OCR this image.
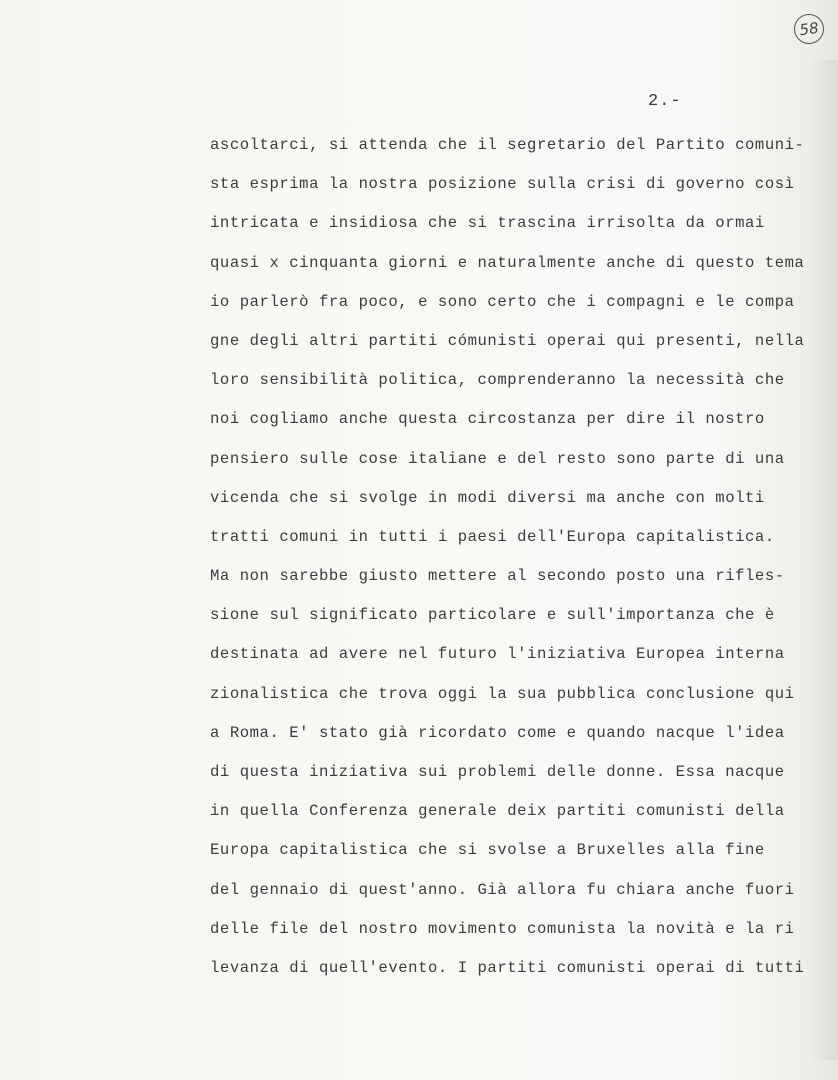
58
2.-
ascoltarci, si attenda che il segretario del Partito comuni-
sta esprima la nostra posizione sulla crisi di governo così
intricata e insidiosa che si trascina irrisolta da ormai
quasi x cinquanta giorni e naturalmente anche di questo tema
io parlerò fra poco, e sono certo che i compagni e le compa
gne degli altri partiti cómunisti operai qui presenti, nella
loro sensibilità politica, comprenderanno la necessità che
noi cogliamo anche questa circostanza per dire il nostro
pensiero sulle cose italiane e del resto sono parte di una
vicenda che si svolge in modi diversi ma anche con molti
tratti comuni in tutti i paesi dell'Europa capitalistica.
Ma non sarebbe giusto mettere al secondo posto una rifles-
sione sul significato particolare e sull'importanza che è
destinata ad avere nel futuro l'iniziativa Europea interna
zionalistica che trova oggi la sua pubblica conclusione qui
a Roma. E' stato già ricordato come e quando nacque l'idea
di questa iniziativa sui problemi delle donne. Essa nacque
in quella Conferenza generale deix partiti comunisti della
Europa capitalistica che si svolse a Bruxelles alla fine
del gennaio di quest'anno. Già allora fu chiara anche fuori
delle file del nostro movimento comunista la novità e la ri
levanza di quell'evento. I partiti comunisti operai di tutti
